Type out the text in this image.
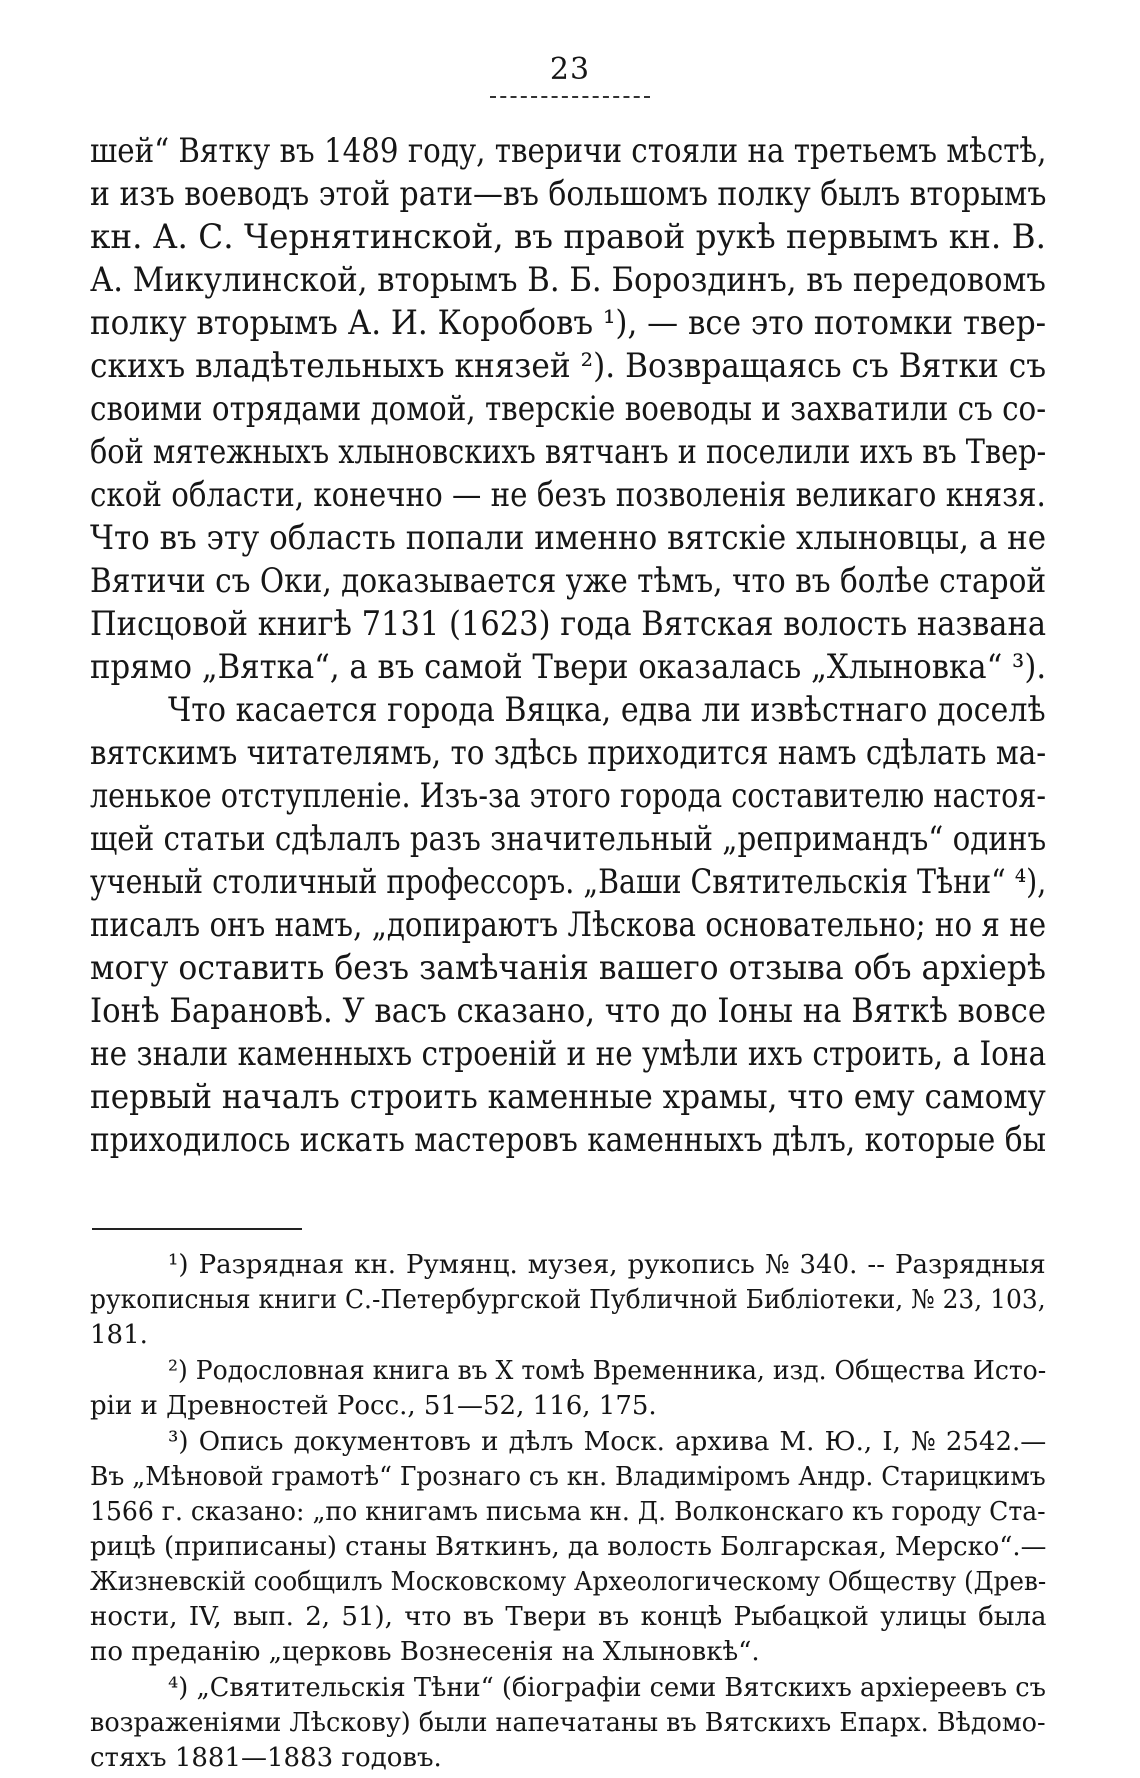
23
шей“ Вятку въ 1489 году, тверичи стояли на третьемъ мѣстѣ,
и изъ воеводъ этой рати—въ большомъ полку былъ вторымъ
кн. А. С. Чернятинской, въ правой рукѣ первымъ кн. В.
А. Микулинской, вторымъ В. Б. Бороздинъ, въ передовомъ
полку вторымъ А. И. Коробовъ ¹), — все это потомки твер-
скихъ владѣтельныхъ князей ²). Возвращаясь съ Вятки съ
своими отрядами домой, тверскіе воеводы и захватили съ со-
бой мятежныхъ хлыновскихъ вятчанъ и поселили ихъ въ Твер-
ской области, конечно — не безъ позволенія великаго князя.
Что въ эту область попали именно вятскіе хлыновцы, а не
Вятичи съ Оки, доказывается уже тѣмъ, что въ болѣе старой
Писцовой книгѣ 7131 (1623) года Вятская волость названа
прямо „Вятка“, а въ самой Твери оказалась „Хлыновка“ ³).
Что касается города Вяцка, едва ли извѣстнаго доселѣ
вятскимъ читателямъ, то здѣсь приходится намъ сдѣлать ма-
ленькое отступленіе. Изъ-за этого города составителю настоя-
щей статьи сдѣлалъ разъ значительный „репримандъ“ одинъ
ученый столичный профессоръ. „Ваши Святительскія Тѣни“ ⁴),
писалъ онъ намъ, „допираютъ Лѣскова основательно; но я не
могу оставить безъ замѣчанія вашего отзыва объ архіерѣ
Іонѣ Барановѣ. У васъ сказано, что до Іоны на Вяткѣ вовсе
не знали каменныхъ строеній и не умѣли ихъ строить, а Іона
первый началъ строить каменные храмы, что ему самому
приходилось искать мастеровъ каменныхъ дѣлъ, которые бы
¹) Разрядная кн. Румянц. музея, рукопись № 340. -- Разрядныя
рукописныя книги С.-Петербургской Публичной Библіотеки, № 23, 103,
181.
²) Родословная книга въ X томѣ Временника, изд. Общества Исто-
ріи и Древностей Росс., 51—52, 116, 175.
³) Опись документовъ и дѣлъ Моск. архива М. Ю., I, № 2542.—
Въ „Мѣновой грамотѣ“ Грознаго съ кн. Владиміромъ Андр. Старицкимъ
1566 г. сказано: „по книгамъ письма кн. Д. Волконскаго къ городу Ста-
рицѣ (приписаны) станы Вяткинъ, да волость Болгарская, Мерско“.—
Жизневскій сообщилъ Московскому Археологическому Обществу (Древ-
ности, IV, вып. 2, 51), что въ Твери въ концѣ Рыбацкой улицы была
по преданію „церковь Вознесенія на Хлыновкѣ“.
⁴) „Святительскія Тѣни“ (біографіи семи Вятскихъ архіереевъ съ
возраженіями Лѣскову) были напечатаны въ Вятскихъ Епарх. Вѣдомо-
стяхъ 1881—1883 годовъ.
